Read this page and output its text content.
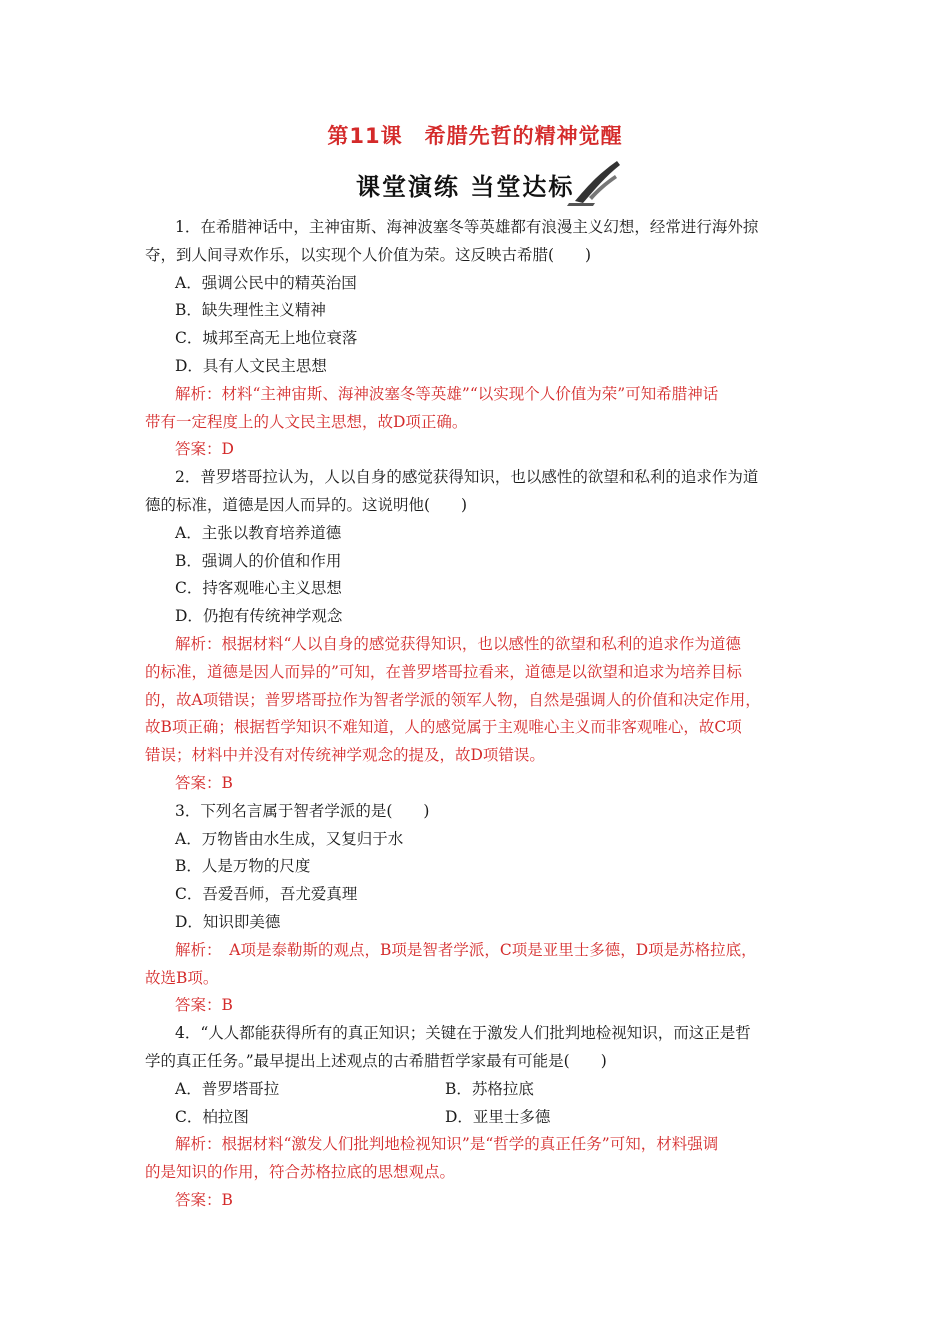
第11课　希腊先哲的精神觉醒
课堂演练 当堂达标
1．在希腊神话中，主神宙斯、海神波塞冬等英雄都有浪漫主义幻想，经常进行海外掠
夺，到人间寻欢作乐，以实现个人价值为荣。这反映古希腊(　　)
A．强调公民中的精英治国
B．缺失理性主义精神
C．城邦至高无上地位衰落
D．具有人文民主思想
解析：材料“主神宙斯、海神波塞冬等英雄”“以实现个人价值为荣”可知希腊神话
带有一定程度上的人文民主思想，故D项正确。
答案：D
2．普罗塔哥拉认为，人以自身的感觉获得知识，也以感性的欲望和私利的追求作为道
德的标准，道德是因人而异的。这说明他(　　)
A．主张以教育培养道德
B．强调人的价值和作用
C．持客观唯心主义思想
D．仍抱有传统神学观念
解析：根据材料“人以自身的感觉获得知识，也以感性的欲望和私利的追求作为道德
的标准，道德是因人而异的”可知，在普罗塔哥拉看来，道德是以欲望和追求为培养目标
的，故A项错误；普罗塔哥拉作为智者学派的领军人物，自然是强调人的价值和决定作用，
故B项正确；根据哲学知识不难知道，人的感觉属于主观唯心主义而非客观唯心，故C项
错误；材料中并没有对传统神学观念的提及，故D项错误。
答案：B
3．下列名言属于智者学派的是(　　)
A．万物皆由水生成，又复归于水
B．人是万物的尺度
C．吾爱吾师，吾尤爱真理
D．知识即美德
解析：　A项是泰勒斯的观点，B项是智者学派，C项是亚里士多德，D项是苏格拉底，
故选B项。
答案：B
4．“人人都能获得所有的真正知识；关键在于激发人们批判地检视知识，而这正是哲
学的真正任务。”最早提出上述观点的古希腊哲学家最有可能是(　　)
A．普罗塔哥拉	B．苏格拉底
C．柏拉图	D．亚里士多德
解析：根据材料“激发人们批判地检视知识”是“哲学的真正任务”可知，材料强调
的是知识的作用，符合苏格拉底的思想观点。
答案：B
